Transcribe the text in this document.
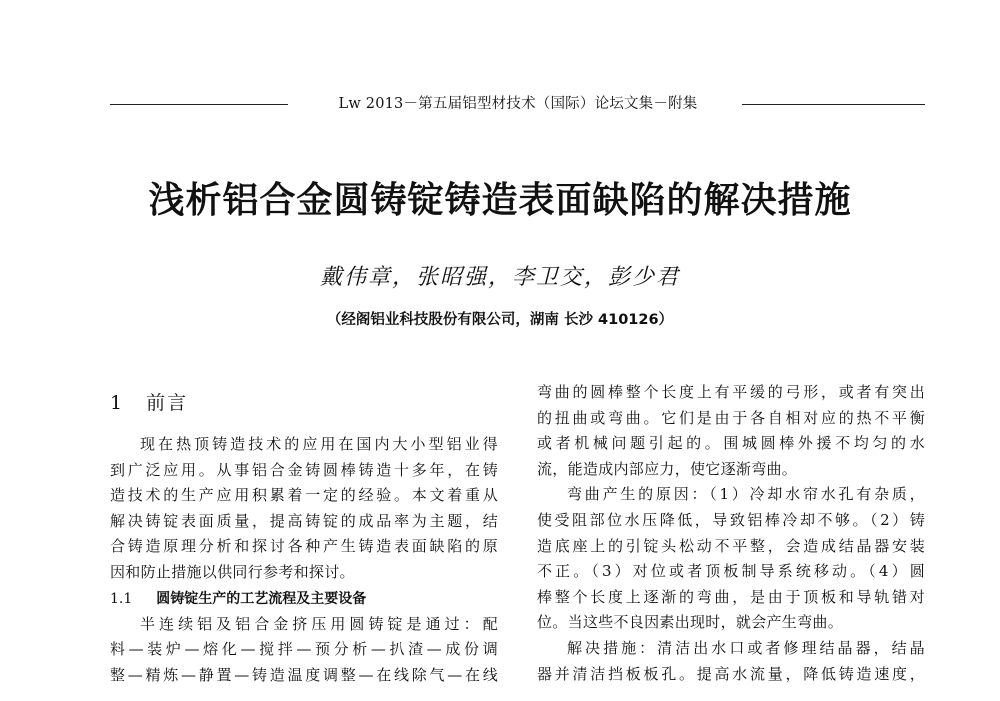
Lw 2013－第五届铝型材技术（国际）论坛文集－附集
浅析铝合金圆铸锭铸造表面缺陷的解决措施
戴伟章，张昭强，李卫交，彭少君
（经阁铝业科技股份有限公司，湖南 长沙 410126）
1 前言
现在热顶铸造技术的应用在国内大小型铝业得
到广泛应用。从事铝合金铸圆棒铸造十多年，在铸
造技术的生产应用积累着一定的经验。本文着重从
解决铸锭表面质量，提高铸锭的成品率为主题，结
合铸造原理分析和探讨各种产生铸造表面缺陷的原
因和防止措施以供同行参考和探讨。
1.1 圆铸锭生产的工艺流程及主要设备
半连续铝及铝合金挤压用圆铸锭是通过：配
料—装炉—熔化—搅拌—预分析—扒渣—成份调
整—精炼—静置—铸造温度调整—在线除气—在线
弯曲的圆棒整个长度上有平缓的弓形，或者有突出
的扭曲或弯曲。它们是由于各自相对应的热不平衡
或者机械问题引起的。围城圆棒外援不均匀的水
流，能造成内部应力，使它逐渐弯曲。
弯曲产生的原因：（1）冷却水帘水孔有杂质，
使受阻部位水压降低，导致铝棒冷却不够。（2）铸
造底座上的引锭头松动不平整，会造成结晶器安装
不正。（3）对位或者顶板制导系统移动。（4）圆
棒整个长度上逐渐的弯曲，是由于顶板和导轨错对
位。当这些不良因素出现时，就会产生弯曲。
解决措施：清洁出水口或者修理结晶器，结晶
器并清洁挡板板孔。提高水流量，降低铸造速度，
